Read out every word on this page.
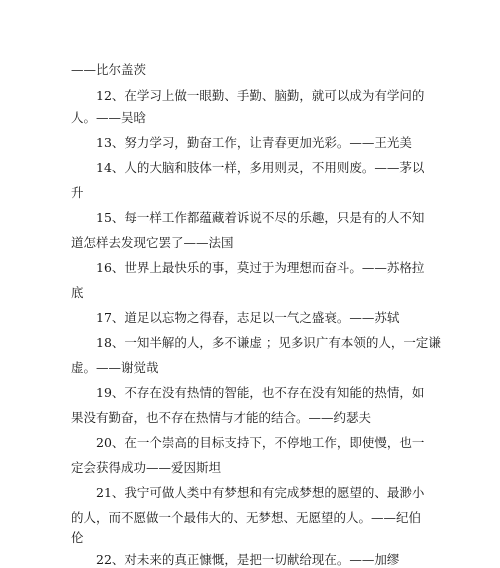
——比尔盖茨
12、在学习上做一眼勤、手勤、脑勤，就可以成为有学问的
人。——吴晗
13、努力学习，勤奋工作，让青春更加光彩。——王光美
14、人的大脑和肢体一样，多用则灵，不用则废。——茅以
升
15、每一样工作都蕴藏着诉说不尽的乐趣，只是有的人不知
道怎样去发现它罢了——法国
16、世界上最快乐的事，莫过于为理想而奋斗。——苏格拉
底
17、道足以忘物之得春，志足以一气之盛衰。——苏轼
18、一知半解的人，多不谦虚 ；见多识广有本领的人，一定谦
虚。——谢觉哉
19、不存在没有热情的智能，也不存在没有知能的热情，如
果没有勤奋，也不存在热情与才能的结合。——约瑟夫
20、在一个崇高的目标支持下，不停地工作，即使慢，也一
定会获得成功——爱因斯坦
21、我宁可做人类中有梦想和有完成梦想的愿望的、最渺小
的人，而不愿做一个最伟大的、无梦想、无愿望的人。——纪伯
伦
22、对未来的真正慷慨，是把一切献给现在。——加缪
